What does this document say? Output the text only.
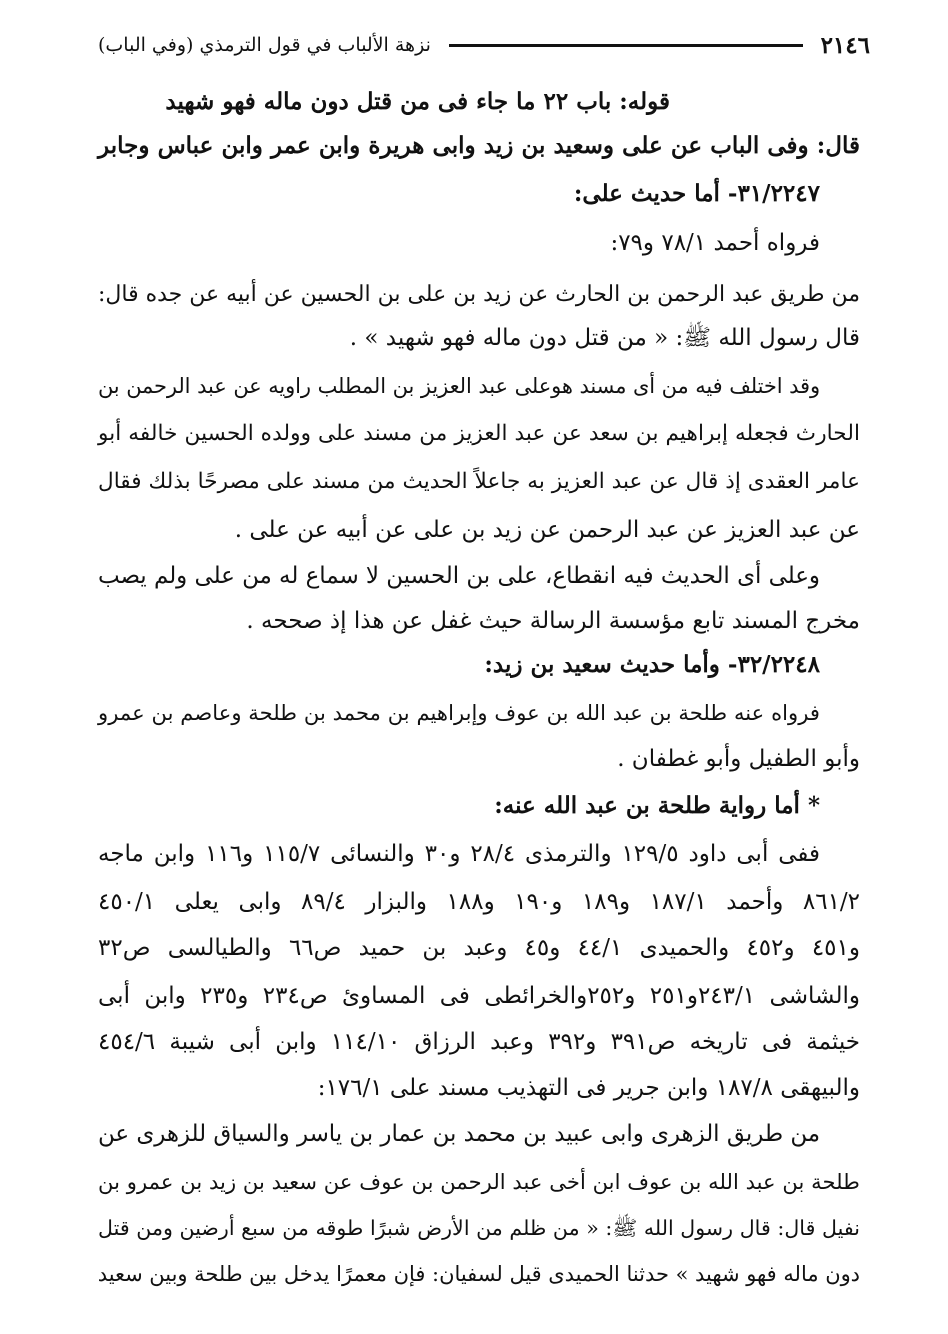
٢١٤٦
نزهة الألباب في قول الترمذي (وفي الباب)
قوله: باب ٢٢ ما جاء فى من قتل دون ماله فهو شهيد
قال: وفى الباب عن على وسعيد بن زيد وابى هريرة وابن عمر وابن عباس وجابر
٣١/٢٢٤٧- أما حديث على:
فرواه أحمد ٧٨/١ و٧٩:
من طريق عبد الرحمن بن الحارث عن زيد بن على بن الحسين عن أبيه عن جده قال:
قال رسول الله ﷺ: « من قتل دون ماله فهو شهيد » .
وقد اختلف فيه من أى مسند هوعلى عبد العزيز بن المطلب راويه عن عبد الرحمن بن
الحارث فجعله إبراهيم بن سعد عن عبد العزيز من مسند على وولده الحسين خالفه أبو
عامر العقدى إذ قال عن عبد العزيز به جاعلاً الحديث من مسند على مصرحًا بذلك فقال
عن عبد العزيز عن عبد الرحمن عن زيد بن على عن أبيه عن على .
وعلى أى الحديث فيه انقطاع، على بن الحسين لا سماع له من على ولم يصب
مخرج المسند تابع مؤسسة الرسالة حيث غفل عن هذا إذ صححه .
٣٢/٢٢٤٨- وأما حديث سعيد بن زيد:
فرواه عنه طلحة بن عبد الله بن عوف وإبراهيم بن محمد بن طلحة وعاصم بن عمرو
وأبو الطفيل وأبو غطفان .
* أما رواية طلحة بن عبد الله عنه:
ففى أبى داود ١٢٩/٥ والترمذى ٢٨/٤ و٣٠ والنسائى ١١٥/٧ و١١٦ وابن ماجه
٨٦١/٢ وأحمد ١٨٧/١ و١٨٩ و١٩٠ و١٨٨ والبزار ٨٩/٤ وابى يعلى ٤٥٠/١
و٤٥١ و٤٥٢ والحميدى ٤٤/١ و٤٥ وعبد بن حميد ص٦٦ والطيالسى ص٣٢
والشاشى ٢٤٣/١و٢٥١ و٢٥٢والخرائطى فى المساوئ ص٢٣٤ و٢٣٥ وابن أبى
خيثمة فى تاريخه ص٣٩١ و٣٩٢ وعبد الرزاق ١١٤/١٠ وابن أبى شيبة ٤٥٤/٦
والبيهقى ١٨٧/٨ وابن جرير فى التهذيب مسند على ١٧٦/١:
من طريق الزهرى وابى عبيد بن محمد بن عمار بن ياسر والسياق للزهرى عن
طلحة بن عبد الله بن عوف ابن أخى عبد الرحمن بن عوف عن سعيد بن زيد بن عمرو بن
نفيل قال: قال رسول الله ﷺ: « من ظلم من الأرض شبرًا طوقه من سبع أرضين ومن قتل
دون ماله فهو شهيد » حدثنا الحميدى قيل لسفيان: فإن معمرًا يدخل بين طلحة وبين سعيد
